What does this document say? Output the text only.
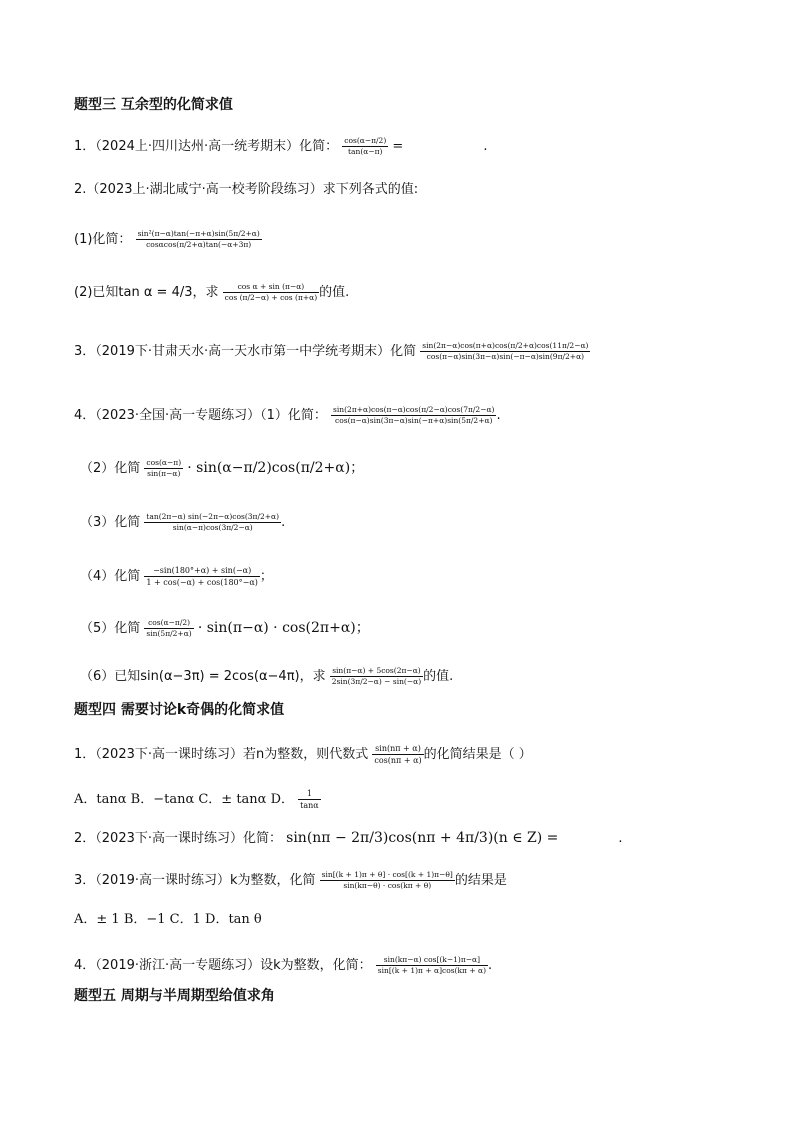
题型三 互余型的化简求值
1．（2024上·四川达州·高一统考期末）化简： $\frac{\cos(\alpha-\pi/2)}{\tan(\alpha-\pi)}$ =	.
2.（2023上·湖北咸宁·高一校考阶段练习）求下列各式的值:
(1)化简： $\frac{\text{sin²(π−α)tan(−π+α)sin(5π/2+α)}}{\cos\alpha\cos(\pi/2+\alpha)\tan(-\alpha+3\pi)}$
(2)已知tan α = 4/3，求 $\frac{\text{cos α + sin (π−α)}}{\cos (\pi/2-\alpha) + \cos (\pi+\alpha)}$ 的值.
3．（2019下·甘肃天水·高一天水市第一中学统考期末）化简 $\frac{\sin(2\pi-\alpha)\cos(\pi+\alpha)\cos(\pi/2+\alpha)\cos(11\pi/2-\alpha)}{\cos(\pi-\alpha)\sin(3\pi-\alpha)\sin(-\pi-\alpha)\sin(9\pi/2+\alpha)}$
4．（2023·全国·高一专题练习）（1）化简： $\frac{\sin(2\pi+\alpha)\cos(\pi-\alpha)\cos(\pi/2-\alpha)\cos(7\pi/2-\alpha)}{\cos(\pi-\alpha)\sin(3\pi-\alpha)\sin(-\pi+\alpha)\sin(5\pi/2+\alpha)}$ .
（2）化简 $\frac{\cos(\alpha-\pi)}{\sin(\pi-\alpha)} \cdot \sin(\alpha-\pi/2)\cos(\pi/2+\alpha)$；
（3）化简 $\frac{\tan(2\pi-\alpha) \sin(-2\pi-\alpha)\cos(3\pi/2+\alpha)}{\sin(\alpha-\pi)\cos(3\pi/2-\alpha)}$ .
（4）化简 $\frac{-\sin(180^\circ+\alpha) + \sin(-\alpha)}{1 + \cos(-\alpha) + \cos(180^\circ-\alpha)}$ ；
（5）化简 $\frac{\cos(\alpha-\pi/2)}{\sin(5\pi/2+\alpha)} \cdot \sin(\pi-\alpha) \cdot \cos(2\pi+\alpha)$；
（6）已知sin(α−3π) = 2cos(α−4π)，求 $\frac{\sin(\pi-\alpha) + 5\cos(2\pi-\alpha)}{2\sin(3\pi/2-\alpha) - \sin(-\alpha)}$ 的值.
题型四 需要讨论k奇偶的化简求值
1．（2023下·高一课时练习）若n为整数，则代数式 $\frac{\sin(n\pi + \alpha)}{\cos(n\pi + \alpha)}$ 的化简结果是（ ）
A．tanα B．−tanα C．± tanα D． $\frac{1}{\tan\alpha}$
2．（2023下·高一课时练习）化简： sin(nπ − 2π/3)cos(nπ + 4π/3)(n ∈ Z) =	.
3．（2019·高一课时练习）k为整数，化简 $\frac{\sin[(k + 1)\pi + \theta] \cdot \cos[(k + 1)\pi-\theta]}{\sin(k\pi-\theta) \cdot \cos(k\pi + \theta)}$ 的结果是
A．± 1 B．−1 C．1 D．tan θ
4．（2019·浙江·高一专题练习）设k为整数，化简： $\frac{\sin(k\pi-\alpha) \cos[(k-1)\pi-\alpha]}{\sin[(k + 1)\pi + \alpha]\cos(k\pi + \alpha)}$ .
题型五 周期与半周期型给值求角
